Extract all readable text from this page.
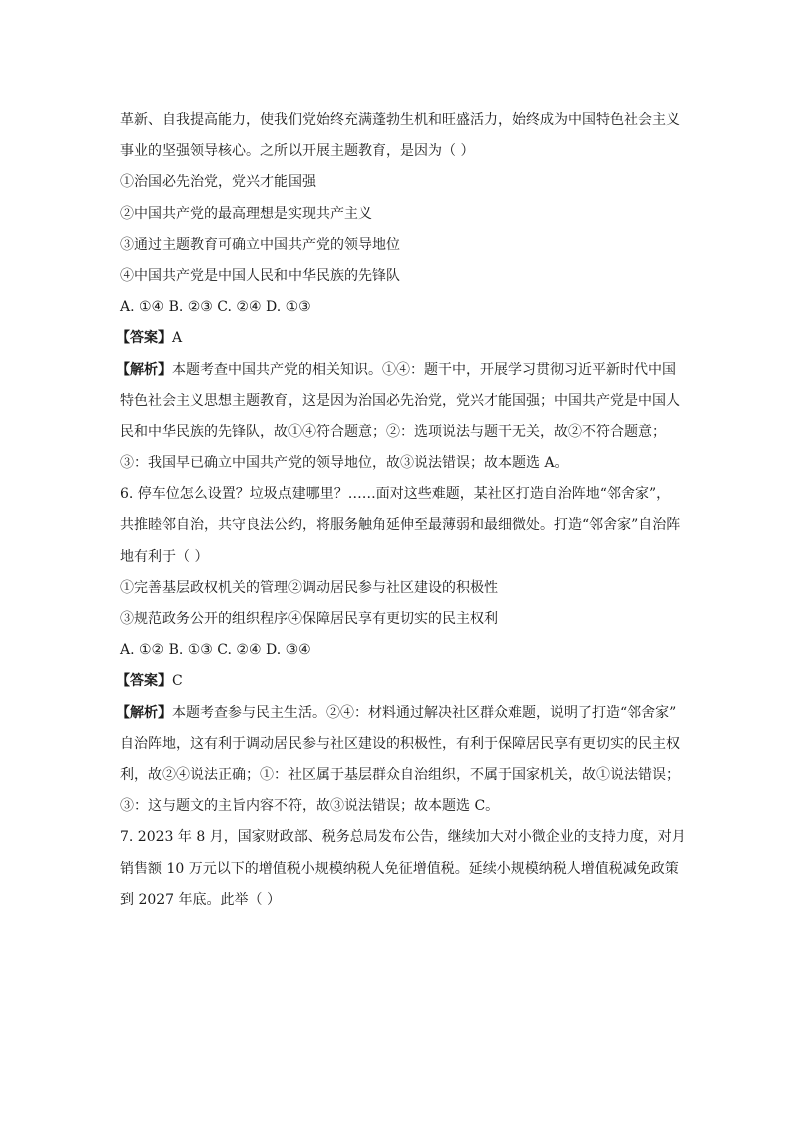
革新、自我提高能力，使我们党始终充满蓬勃生机和旺盛活力，始终成为中国特色社会主义
事业的坚强领导核心。之所以开展主题教育，是因为（ ）
①治国必先治党，党兴才能国强
②中国共产党的最高理想是实现共产主义
③通过主题教育可确立中国共产党的领导地位
④中国共产党是中国人民和中华民族的先锋队
A. ①④ B. ②③ C. ②④ D. ①③
【答案】A
【解析】本题考查中国共产党的相关知识。①④：题干中，开展学习贯彻习近平新时代中国
特色社会主义思想主题教育，这是因为治国必先治党，党兴才能国强；中国共产党是中国人
民和中华民族的先锋队，故①④符合题意；②：选项说法与题干无关，故②不符合题意；
③：我国早已确立中国共产党的领导地位，故③说法错误；故本题选 A。
6. 停车位怎么设置？垃圾点建哪里？……面对这些难题，某社区打造自治阵地“邻舍家”，
共推睦邻自治，共守良法公约，将服务触角延伸至最薄弱和最细微处。打造“邻舍家”自治阵
地有利于（ ）
①完善基层政权机关的管理②调动居民参与社区建设的积极性
③规范政务公开的组织程序④保障居民享有更切实的民主权利
A. ①② B. ①③ C. ②④ D. ③④
【答案】C
【解析】本题考查参与民主生活。②④：材料通过解决社区群众难题，说明了打造“邻舍家”
自治阵地，这有利于调动居民参与社区建设的积极性，有利于保障居民享有更切实的民主权
利，故②④说法正确；①：社区属于基层群众自治组织，不属于国家机关，故①说法错误；
③：这与题文的主旨内容不符，故③说法错误；故本题选 C。
7. 2023 年 8 月，国家财政部、税务总局发布公告，继续加大对小微企业的支持力度，对月
销售额 10 万元以下的增值税小规模纳税人免征增值税。延续小规模纳税人增值税减免政策
到 2027 年底。此举（ ）
